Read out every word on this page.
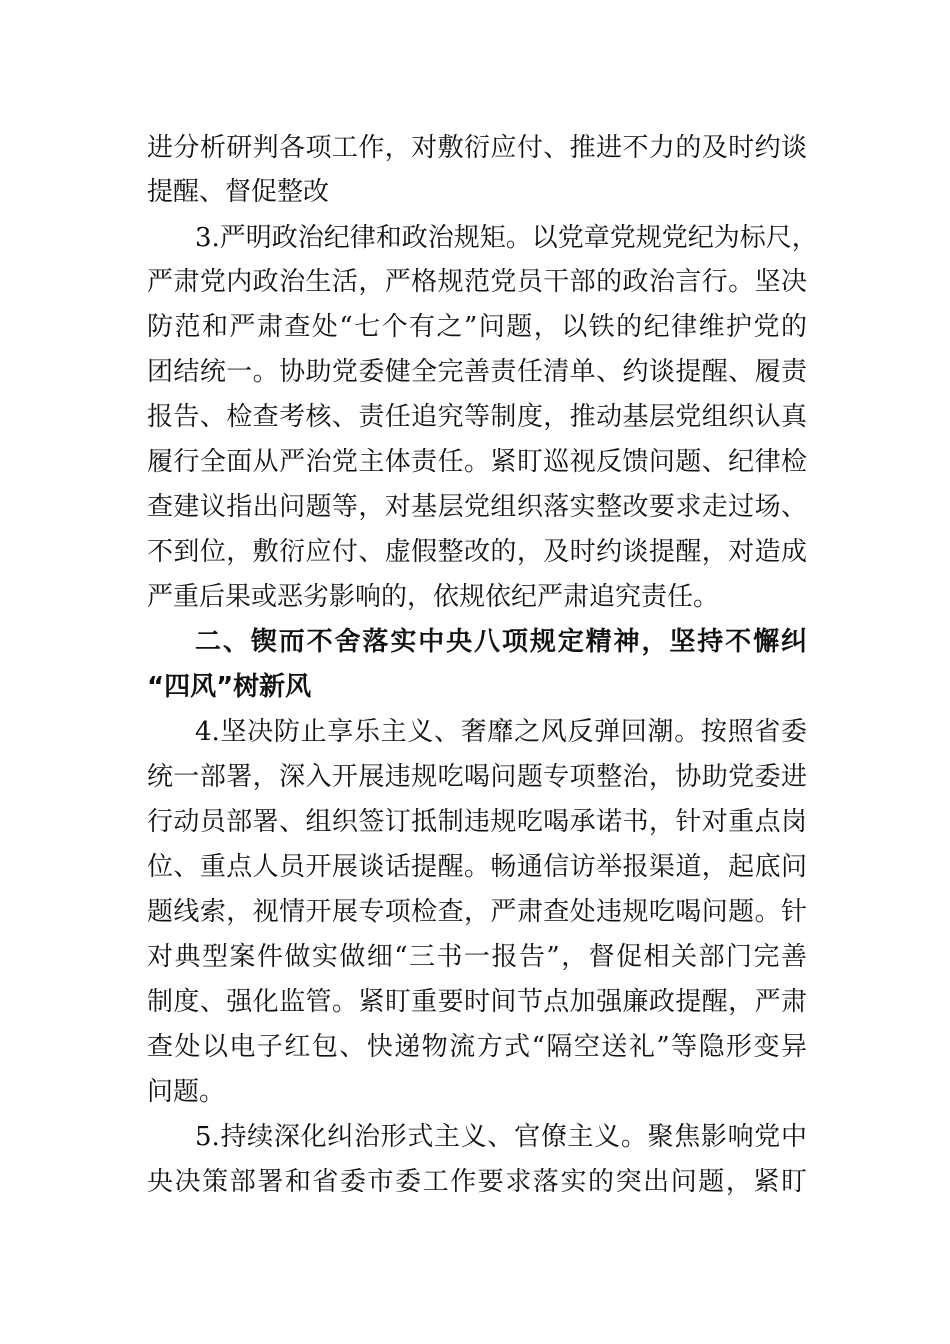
进分析研判各项工作，对敷衍应付、推进不力的及时约谈
提醒、督促整改
3.严明政治纪律和政治规矩。以党章党规党纪为标尺，
严肃党内政治生活，严格规范党员干部的政治言行。坚决
防范和严肃查处“七个有之”问题，以铁的纪律维护党的
团结统一。协助党委健全完善责任清单、约谈提醒、履责
报告、检查考核、责任追究等制度，推动基层党组织认真
履行全面从严治党主体责任。紧盯巡视反馈问题、纪律检
查建议指出问题等，对基层党组织落实整改要求走过场、
不到位，敷衍应付、虚假整改的，及时约谈提醒，对造成
严重后果或恶劣影响的，依规依纪严肃追究责任。
二、锲而不舍落实中央八项规定精神，坚持不懈纠
“四风”树新风
4.坚决防止享乐主义、奢靡之风反弹回潮。按照省委
统一部署，深入开展违规吃喝问题专项整治，协助党委进
行动员部署、组织签订抵制违规吃喝承诺书，针对重点岗
位、重点人员开展谈话提醒。畅通信访举报渠道，起底问
题线索，视情开展专项检查，严肃查处违规吃喝问题。针
对典型案件做实做细“三书一报告”，督促相关部门完善
制度、强化监管。紧盯重要时间节点加强廉政提醒，严肃
查处以电子红包、快递物流方式“隔空送礼”等隐形变异
问题。
5.持续深化纠治形式主义、官僚主义。聚焦影响党中
央决策部署和省委市委工作要求落实的突出问题，紧盯
